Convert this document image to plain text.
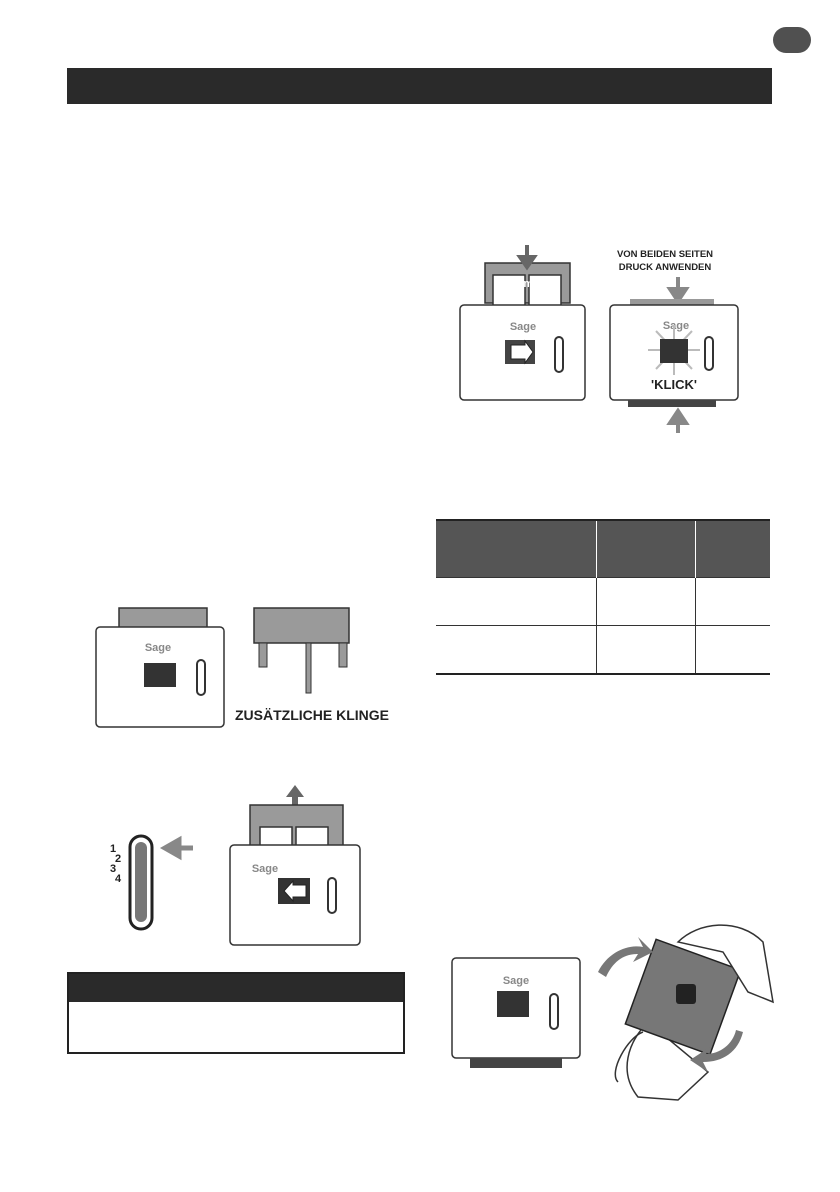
50mm
Sage
VON BEIDEN SEITEN
DRUCK ANWENDEN
Sage
'KLICK'

Sage
ZUSÄTZLICHE KLINGE
1
2
3
4
Sage
Sage
